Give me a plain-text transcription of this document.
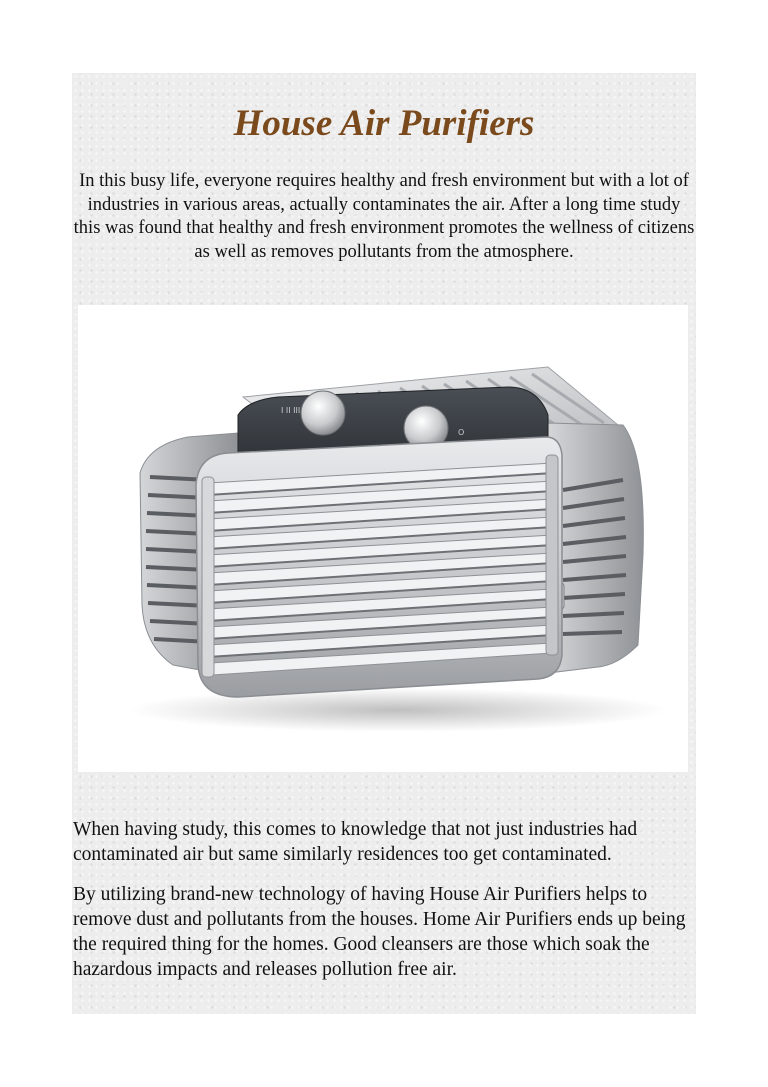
House Air Purifiers

In this busy life, everyone requires healthy and fresh environment but with a lot of industries in various areas, actually contaminates the air. After a long time study this was found that healthy and fresh environment promotes the wellness of citizens as well as removes pollutants from the atmosphere.

I II III
O

When having study, this comes to knowledge that not just industries had contaminated air but same similarly residences too get contaminated.

By utilizing brand-new technology of having House Air Purifiers helps to remove dust and pollutants from the houses. Home Air Purifiers ends up being the required thing for the homes. Good cleansers are those which soak the hazardous impacts and releases pollution free air.
